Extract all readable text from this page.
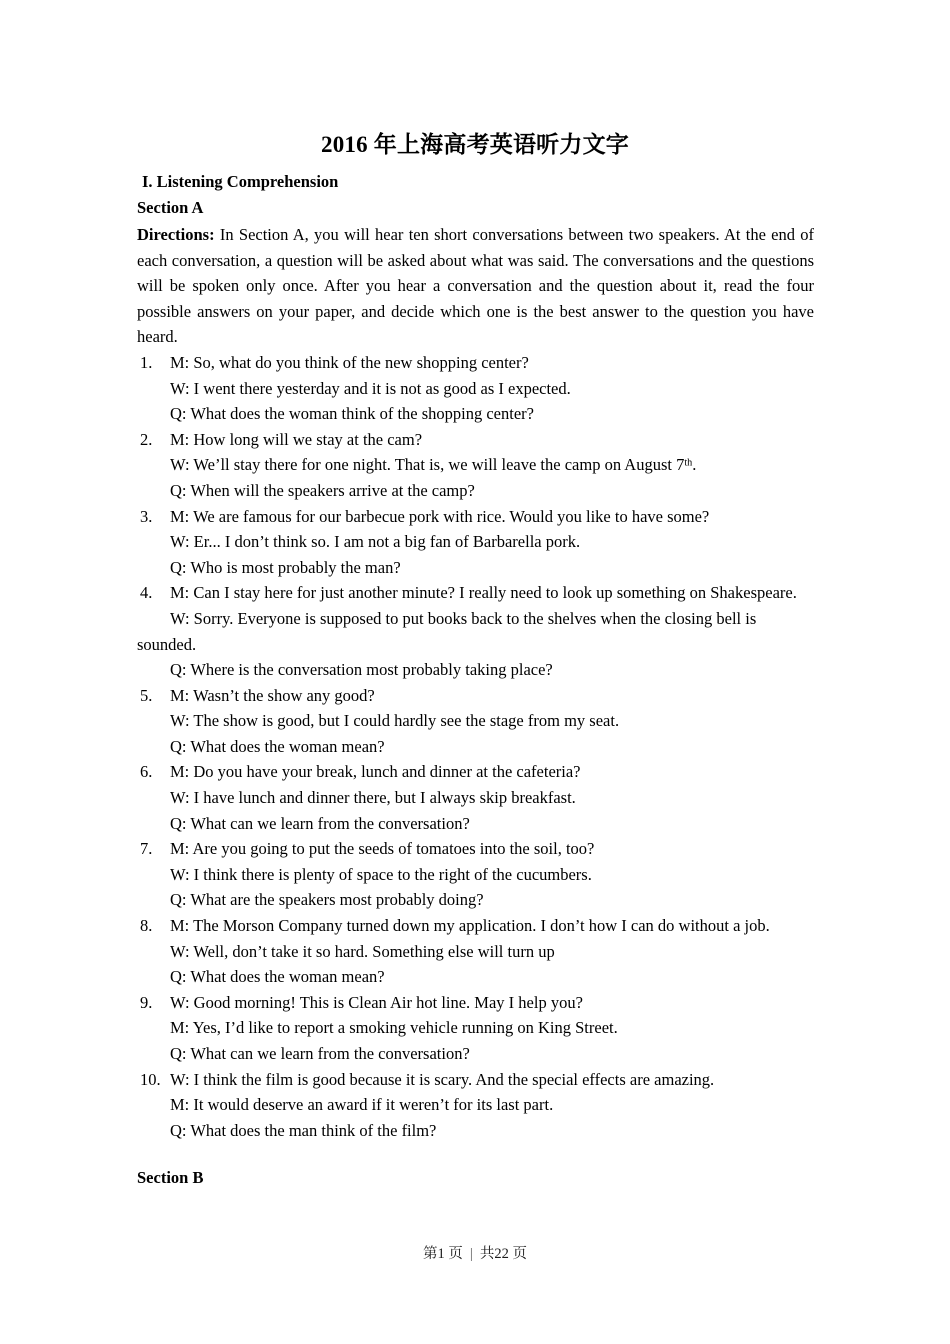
2016 年上海高考英语听力文字
I. Listening Comprehension
Section A
Directions: In Section A, you will hear ten short conversations between two speakers. At the end of each conversation, a question will be asked about what was said. The conversations and the questions will be spoken only once. After you hear a conversation and the question about it, read the four possible answers on your paper, and decide which one is the best answer to the question you have heard.
1.	M: So, what do you think of the new shopping center?
W: I went there yesterday and it is not as good as I expected.
Q: What does the woman think of the shopping center?
2.	M: How long will we stay at the cam?
W: We’ll stay there for one night. That is, we will leave the camp on August 7th.
Q: When will the speakers arrive at the camp?
3.	M: We are famous for our barbecue pork with rice. Would you like to have some?
W: Er... I don’t think so. I am not a big fan of Barbarella pork.
Q: Who is most probably the man?
4.	M: Can I stay here for just another minute? I really need to look up something on Shakespeare.
W: Sorry. Everyone is supposed to put books back to the shelves when the closing bell is
sounded.
Q: Where is the conversation most probably taking place?
5.	M: Wasn’t the show any good?
W: The show is good, but I could hardly see the stage from my seat.
Q: What does the woman mean?
6.	M: Do you have your break, lunch and dinner at the cafeteria?
W: I have lunch and dinner there, but I always skip breakfast.
Q: What can we learn from the conversation?
7.	M: Are you going to put the seeds of tomatoes into the soil, too?
W: I think there is plenty of space to the right of the cucumbers.
Q: What are the speakers most probably doing?
8.	M: The Morson Company turned down my application. I don’t how I can do without a job.
W: Well, don’t take it so hard. Something else will turn up
Q: What does the woman mean?
9.	W: Good morning! This is Clean Air hot line. May I help you?
M: Yes, I’d like to report a smoking vehicle running on King Street.
Q: What can we learn from the conversation?
10. W: I think the film is good because it is scary. And the special effects are amazing.
M: It would deserve an award if it weren’t for its last part.
Q: What does the man think of the film?
Section B
第1 页 | 共22 页
